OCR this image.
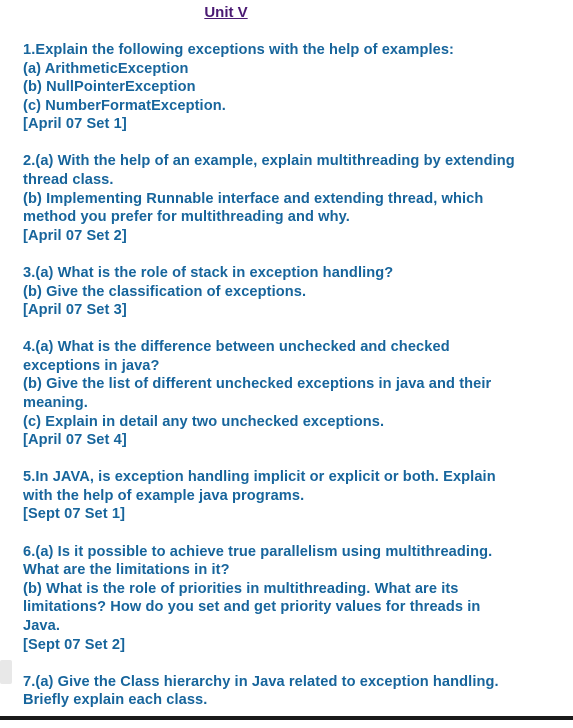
Unit V
1.Explain the following exceptions with the help of examples:
(a) ArithmeticException
(b) NullPointerException
(c) NumberFormatException.
[April 07 Set 1]
2.(a) With the help of an example, explain multithreading by extending
thread class.
(b) Implementing Runnable interface and extending thread, which
method you prefer for multithreading and why.
[April 07 Set 2]
3.(a) What is the role of stack in exception handling?
(b) Give the classification of exceptions.
[April 07 Set 3]
4.(a) What is the difference between unchecked and checked
exceptions in java?
(b) Give the list of different unchecked exceptions in java and their
meaning.
(c) Explain in detail any two unchecked exceptions.
[April 07 Set 4]
5.In JAVA, is exception handling implicit or explicit or both. Explain
with the help of example java programs.
[Sept 07 Set 1]
6.(a) Is it possible to achieve true parallelism using multithreading.
What are the limitations in it?
(b) What is the role of priorities in multithreading. What are its
limitations? How do you set and get priority values for threads in
Java.
[Sept 07 Set 2]
7.(a) Give the Class hierarchy in Java related to exception handling.
Briefly explain each class.
